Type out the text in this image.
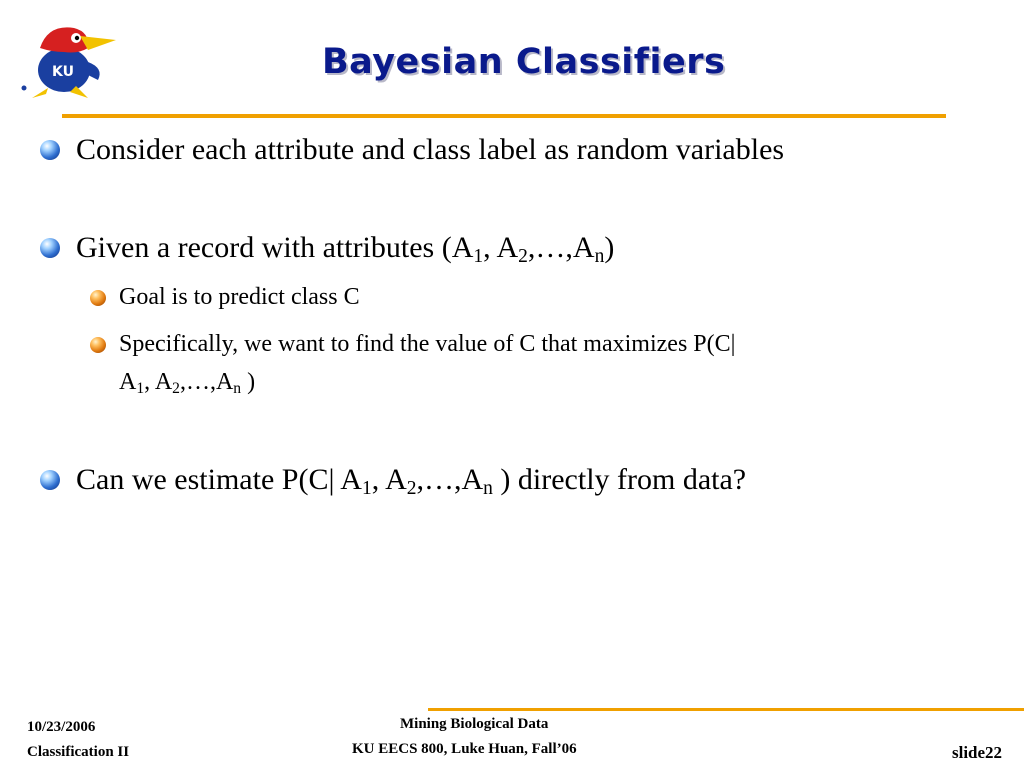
KU	Bayesian Classifiers
Consider each attribute and class label as random variables
Given a record with attributes ($A_1$, $A_2,\dots,A_n$)
Goal is to predict class C
Specifically, we want to find the value of C that maximizes P(C|
$A_1$, $A_2,\dots,A_n$ )
Can we estimate P(C| $A_1$, $A_2,\dots,A_n$ ) directly from data?
10/23/2006
Classification II
Mining Biological Data
KU EECS 800, Luke Huan, Fall’06	slide22
